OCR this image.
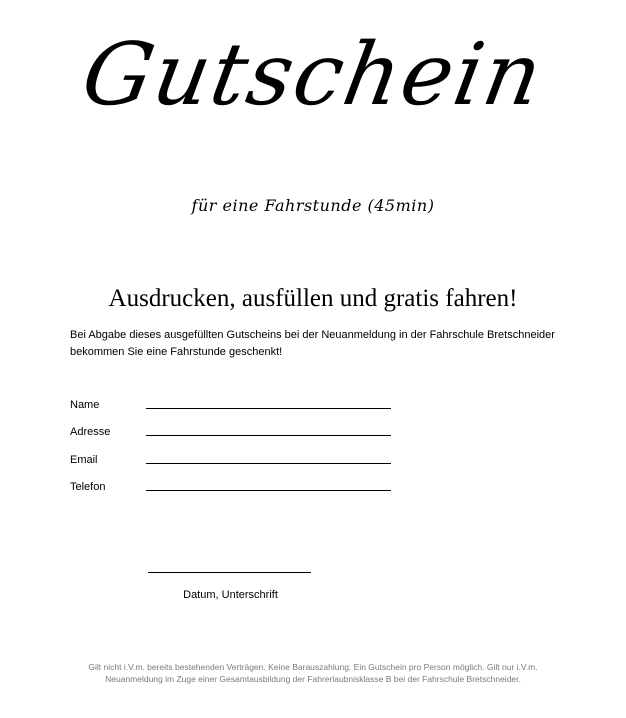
Gutschein
für eine Fahrstunde (45min)
Ausdrucken, ausfüllen und gratis fahren!
Bei Abgabe dieses ausgefüllten Gutscheins bei der Neuanmeldung in der Fahrschule Bretschneider
bekommen Sie eine Fahrstunde geschenkt!
Name
Adresse
Email
Telefon
Datum, Unterschrift
Gilt nicht i.V.m. bereits bestehenden Verträgen. Keine Barauszahlung. Ein Gutschein pro Person möglich. Gilt nur i.V.m.
Neuanmeldung im Zuge einer Gesamtausbildung der Fahrerlaubnisklasse B bei der Fahrschule Bretschneider.
